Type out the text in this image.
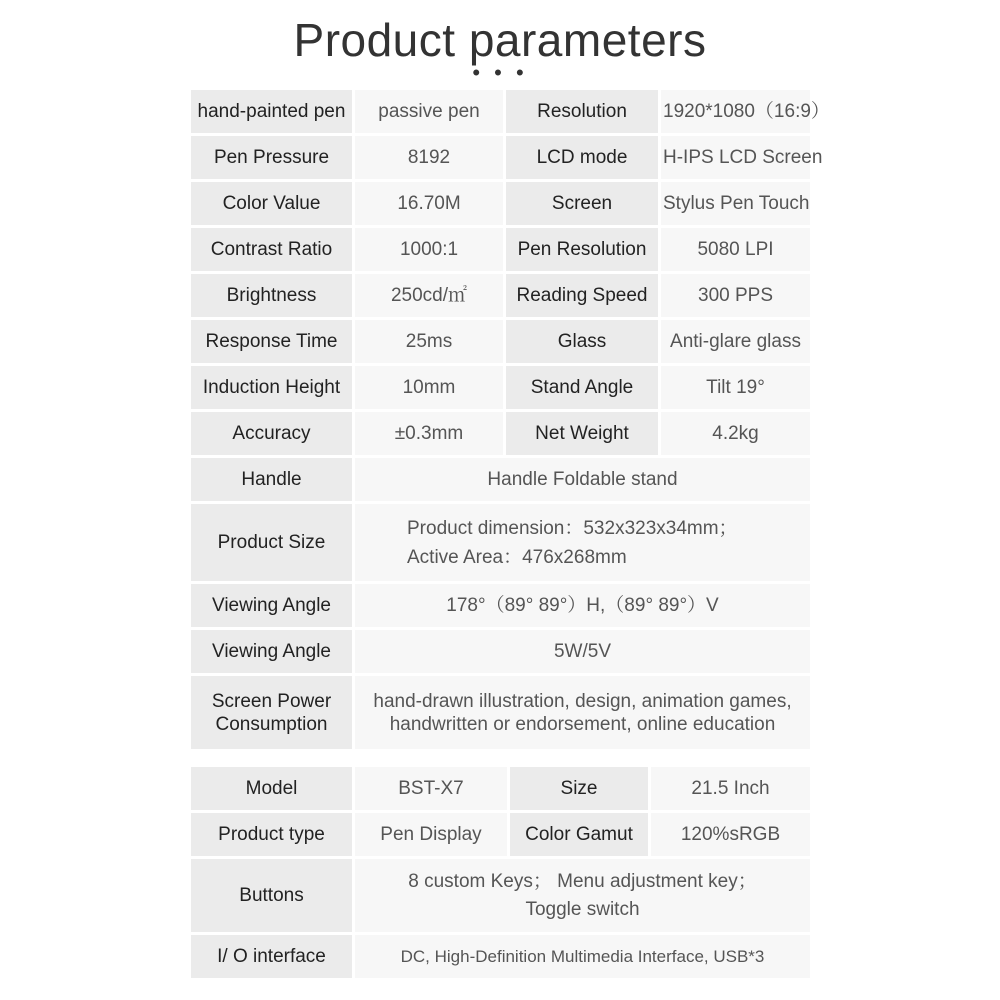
Product parameters
• • •
hand-painted pen	passive pen	Resolution	1920*1080（16:9）
Pen Pressure	8192	LCD mode	H-IPS LCD Screen
Color Value	16.70M	Screen	Stylus Pen Touch
Contrast Ratio	1000:1	Pen Resolution	5080 LPI
Brightness	250cd/㎡	Reading Speed	300 PPS
Response Time	25ms	Glass	Anti-glare glass
Induction Height	10mm	Stand Angle	Tilt 19°
Accuracy	±0.3mm	Net Weight	4.2kg
Handle	Handle Foldable stand		
Product Size	Product dimension：532x323x34mm；
Active Area：476x268mm		

Viewing Angle	178°（89° 89°）H,（89° 89°）V		
Viewing Angle	5W/5V		

Screen Power
Consumption	hand-drawn illustration, design, animation games,
handwritten or endorsement, online education		
Model	BST-X7	Size	21.5 Inch
Product type	Pen Display	Color Gamut	120%sRGB
Buttons	8 custom Keys； Menu adjustment key；
Toggle switch		

I/ O interface	DC, High-Definition Multimedia Interface, USB*3		
